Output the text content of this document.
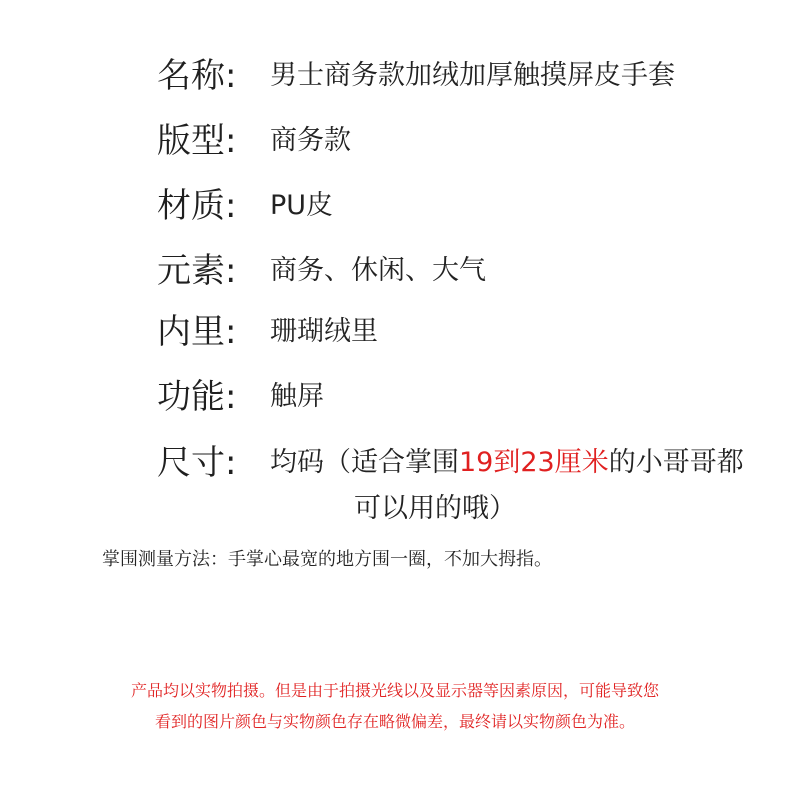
名称: 男士商务款加绒加厚触摸屏皮手套
版型: 商务款
材质: PU皮
元素: 商务、休闲、大气
内里: 珊瑚绒里
功能: 触屏
尺寸: 均码（适合掌围19到23厘米的小哥哥都
可以用的哦）
掌围测量方法：手掌心最宽的地方围一圈，不加大拇指。
产品均以实物拍摄。但是由于拍摄光线以及显示器等因素原因，可能导致您
看到的图片颜色与实物颜色存在略微偏差，最终请以实物颜色为准。
